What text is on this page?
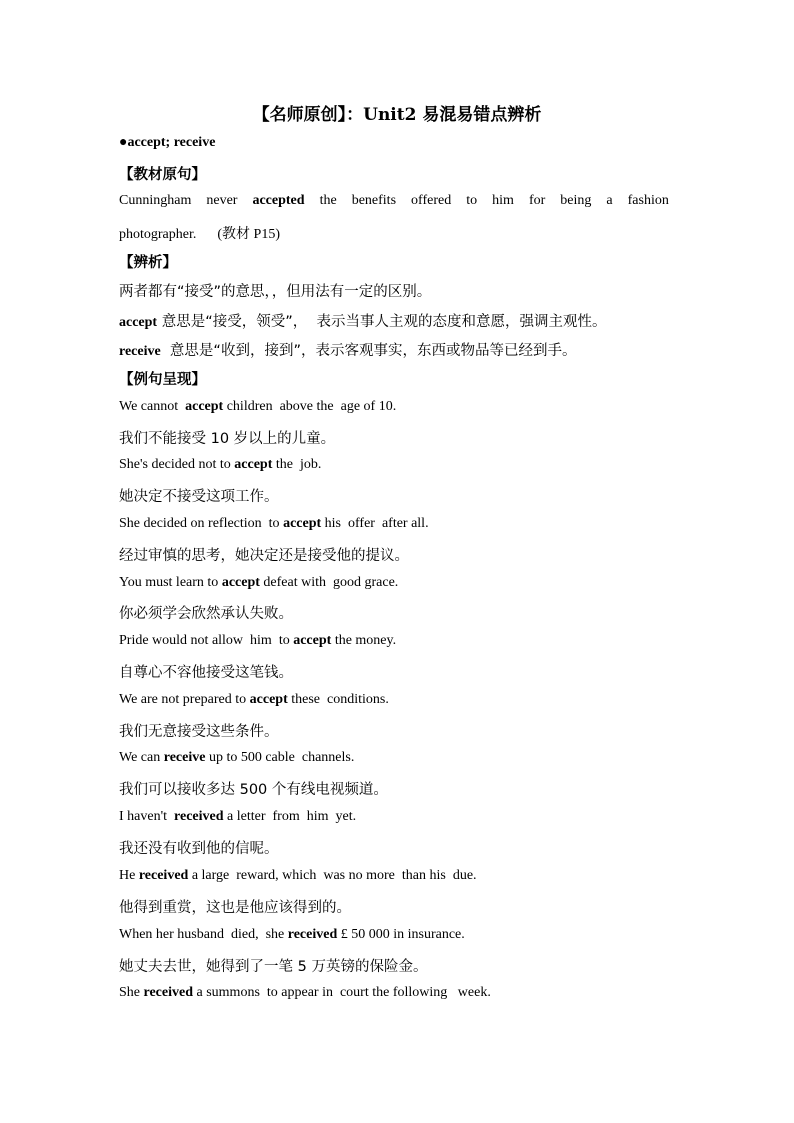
【名师原创】：Unit2 易混易错点辨析
●accept; receive
【教材原句】
Cunningham never accepted the benefits offered to him for being a fashion
photographer.      (教材 P15)
【辨析】
两者都有“接受”的意思，，但用法有一定的区别。
accept 意思是“接受，领受”，  表示当事人主观的态度和意愿，强调主观性。
receive  意思是“收到，接到”，表示客观事实，东西或物品等已经到手。
【例句呈现】
We cannot  accept children  above the  age of 10.
我们不能接受 10 岁以上的儿童。
She's decided not to accept the  job.
她决定不接受这项工作。
She decided on reflection  to accept his  offer  after all.
经过审慎的思考，她决定还是接受他的提议。
You must learn to accept defeat with  good grace.
你必须学会欣然承认失败。
Pride would not allow  him  to accept the money.
自尊心不容他接受这笔钱。
We are not prepared to accept these  conditions.
我们无意接受这些条件。
We can receive up to 500 cable  channels.
我们可以接收多达 500 个有线电视频道。
I haven't  received a letter  from  him  yet.
我还没有收到他的信呢。
He received a large  reward, which  was no more  than his  due.
他得到重赏，这也是他应该得到的。
When her husband  died,  she received £ 50 000 in insurance.
她丈夫去世，她得到了一笔 5 万英镑的保险金。
She received a summons  to appear in  court the following   week.
